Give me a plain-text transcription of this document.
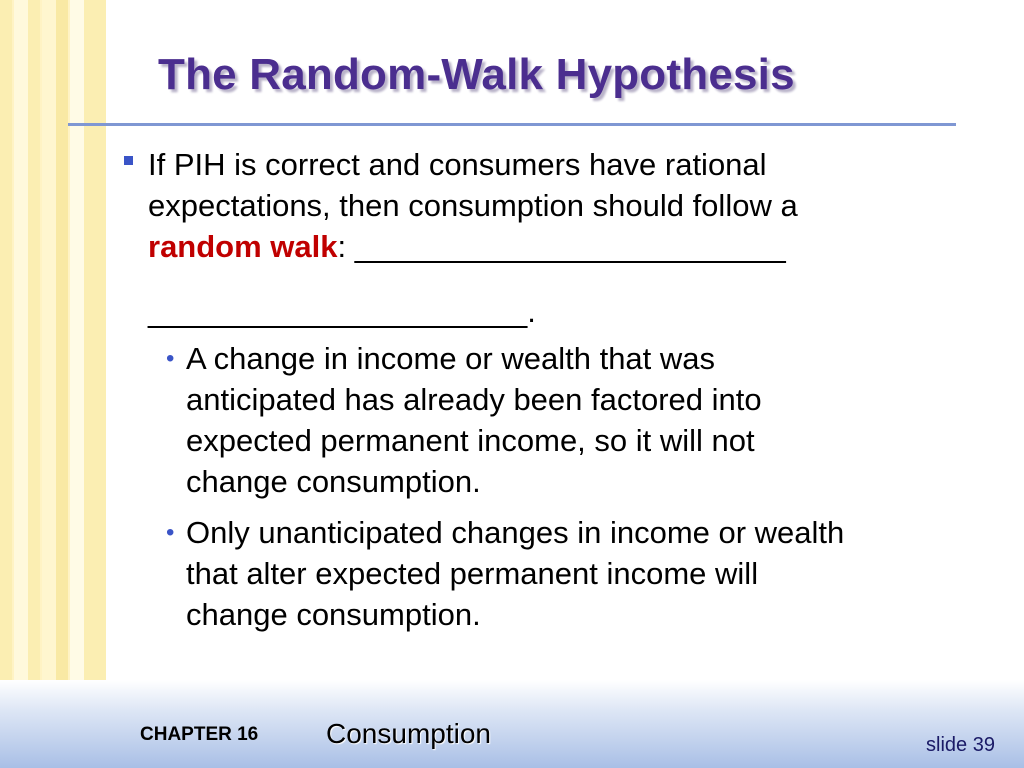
The Random-Walk Hypothesis
If PIH is correct and consumers have rational
expectations, then consumption should follow a
random walk: _________________________
______________________.
• A change in income or wealth that was
anticipated has already been factored into
expected permanent income, so it will not
change consumption.
• Only unanticipated changes in income or wealth
that alter expected permanent income will
change consumption.
CHAPTER 16 Consumption	slide 39
